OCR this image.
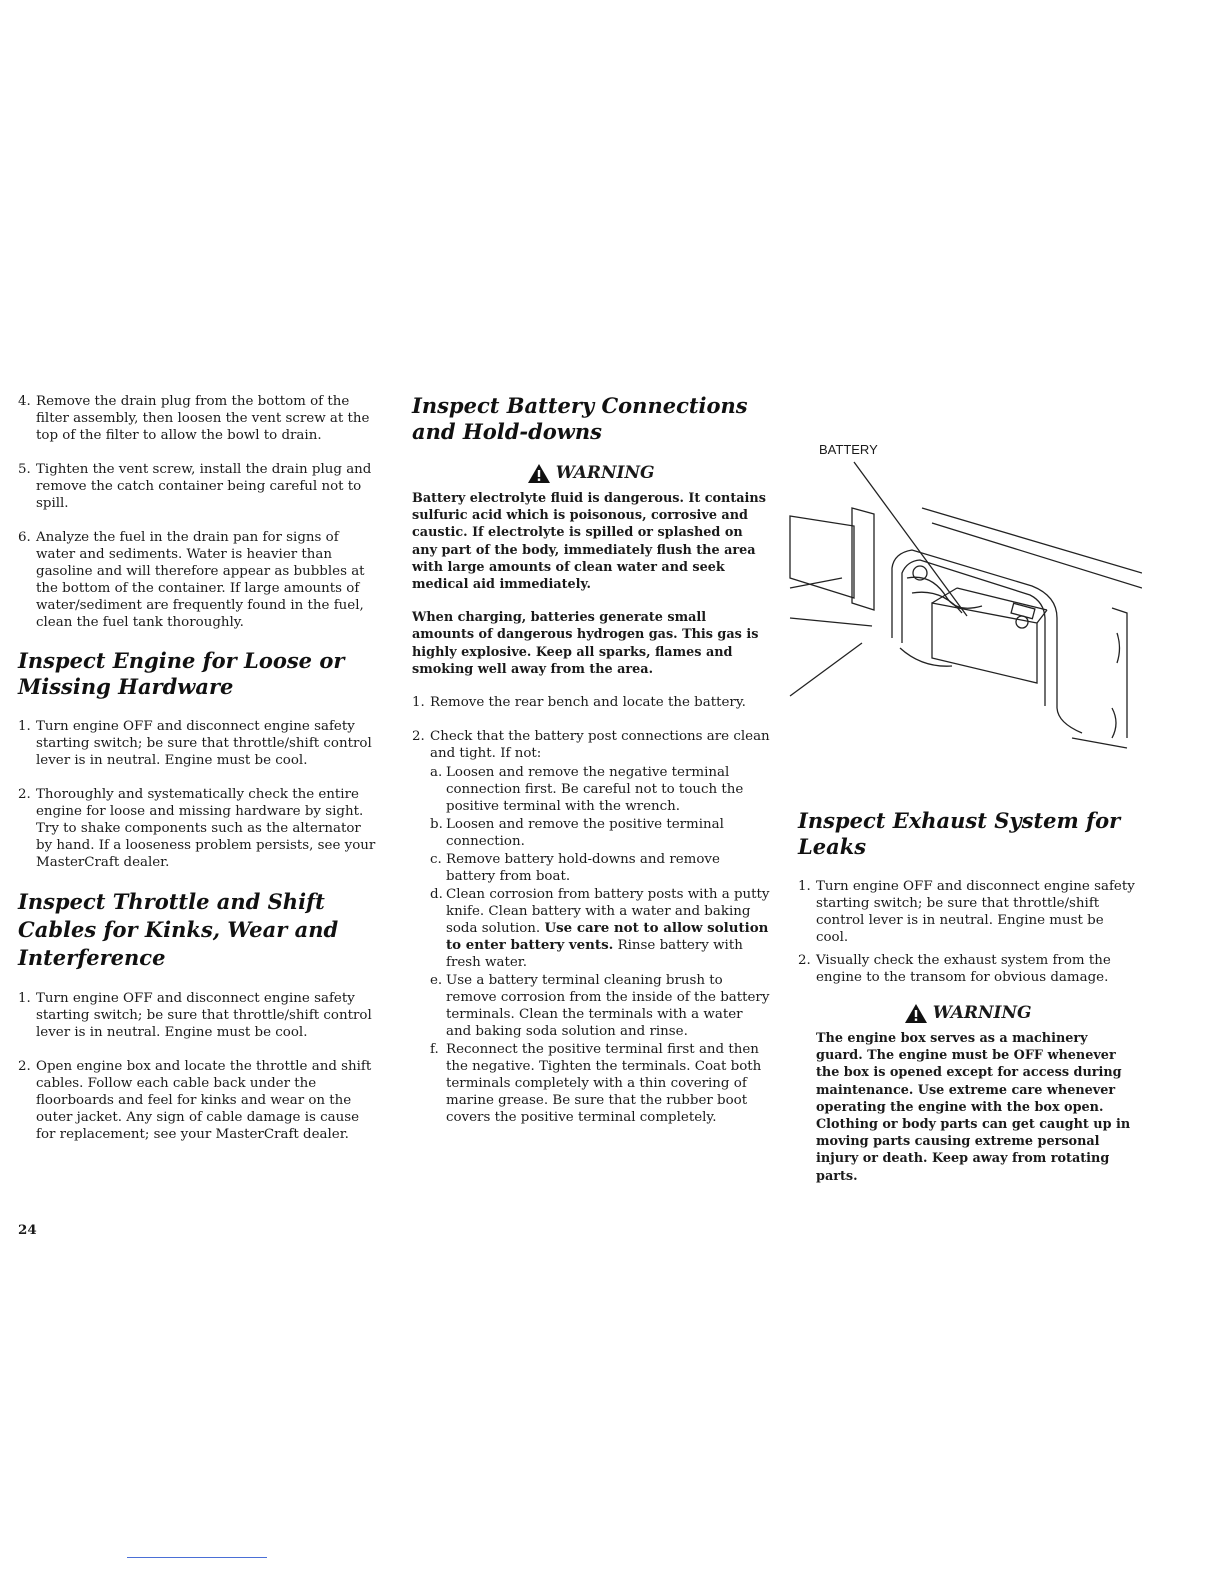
4. Remove the drain plug from the bottom of the filter assembly, then loosen the vent screw at the top of the filter to allow the bowl to drain.
5. Tighten the vent screw, install the drain plug and remove the catch container being careful not to spill.
6. Analyze the fuel in the drain pan for signs of water and sediments. Water is heavier than gasoline and will therefore appear as bubbles at the bottom of the container. If large amounts of water/sediment are frequently found in the fuel, clean the fuel tank thoroughly.
Inspect Engine for Loose or Missing Hardware
1. Turn engine OFF and disconnect engine safety starting switch; be sure that throttle/shift control lever is in neutral. Engine must be cool.
2. Thoroughly and systematically check the entire engine for loose and missing hardware by sight. Try to shake components such as the alternator by hand. If a looseness problem persists, see your MasterCraft dealer.
Inspect Throttle and Shift Cables for Kinks, Wear and Interference
1. Turn engine OFF and disconnect engine safety starting switch; be sure that throttle/shift control lever is in neutral. Engine must be cool.
2. Open engine box and locate the throttle and shift cables. Follow each cable back under the floorboards and feel for kinks and wear on the outer jacket. Any sign of cable damage is cause for replacement; see your MasterCraft dealer.
Inspect Battery Connections and Hold-downs
WARNING

Battery electrolyte fluid is dangerous. It contains sulfuric acid which is poisonous, corrosive and caustic. If electrolyte is spilled or splashed on any part of the body, immediately flush the area with large amounts of clean water and seek medical aid immediately.

When charging, batteries generate small amounts of dangerous hydrogen gas. This gas is highly explosive. Keep all sparks, flames and smoking well away from the area.

1. Remove the rear bench and locate the battery.
2. Check that the battery post connections are clean and tight. If not:
a. Loosen and remove the negative terminal connection first. Be careful not to touch the positive terminal with the wrench.
b. Loosen and remove the positive terminal connection.
c. Remove battery hold-downs and remove battery from boat.
d. Clean corrosion from battery posts with a putty knife. Clean battery with a water and baking soda solution. Use care not to allow solution to enter battery vents. Rinse battery with fresh water.
e. Use a battery terminal cleaning brush to remove corrosion from the inside of the battery terminals. Clean the terminals with a water and baking soda solution and rinse.
f. Reconnect the positive terminal first and then the negative. Tighten the terminals. Coat both terminals completely with a thin covering of marine grease. Be sure that the rubber boot covers the positive terminal completely.
BATTERY
Inspect Exhaust System for Leaks
1. Turn engine OFF and disconnect engine safety starting switch; be sure that throttle/shift control lever is in neutral. Engine must be cool.
2. Visually check the exhaust system from the engine to the transom for obvious damage.
WARNING

The engine box serves as a machinery guard. The engine must be OFF whenever the box is opened except for access during maintenance. Use extreme care whenever operating the engine with the box open. Clothing or body parts can get caught up in moving parts causing extreme personal injury or death. Keep away from rotating parts.

24
